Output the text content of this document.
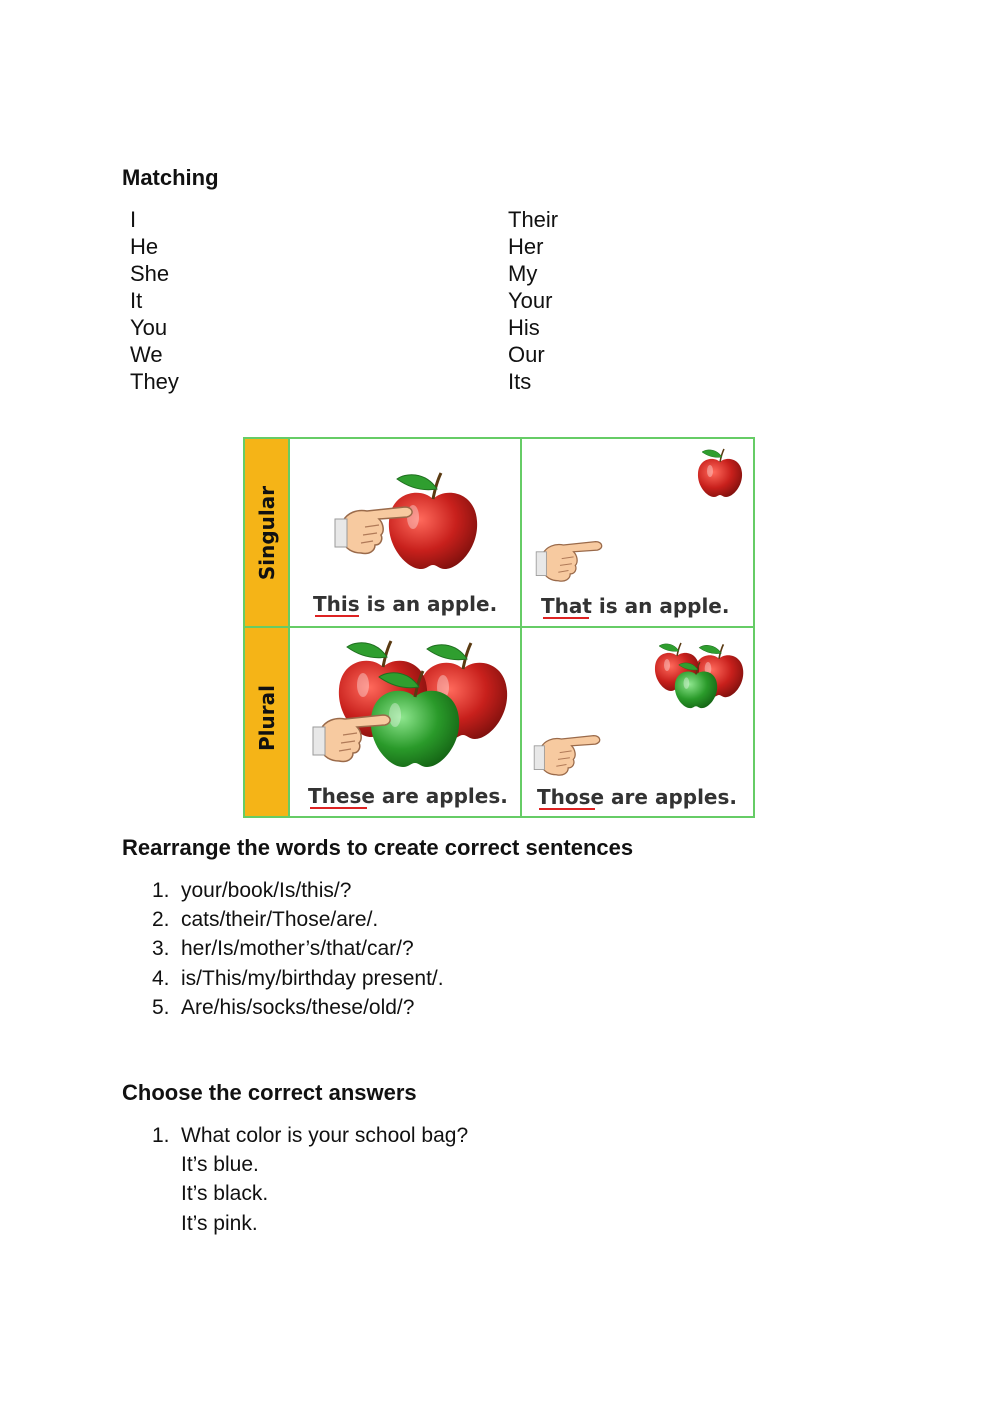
Matching
I
He
She
It
You
We
They
Their
Her
My
Your
His
Our
Its
Singular
Plural
This is an apple. That is an apple.
These are apples. Those are apples.
Rearrange the words to create correct sentences
1. your/book/Is/this/?
2. cats/their/Those/are/.
3. her/Is/mother’s/that/car/?
4. is/This/my/birthday present/.
5. Are/his/socks/these/old/?
Choose the correct answers
1. What color is your school bag?
It’s blue.
It’s black.
It’s pink.
